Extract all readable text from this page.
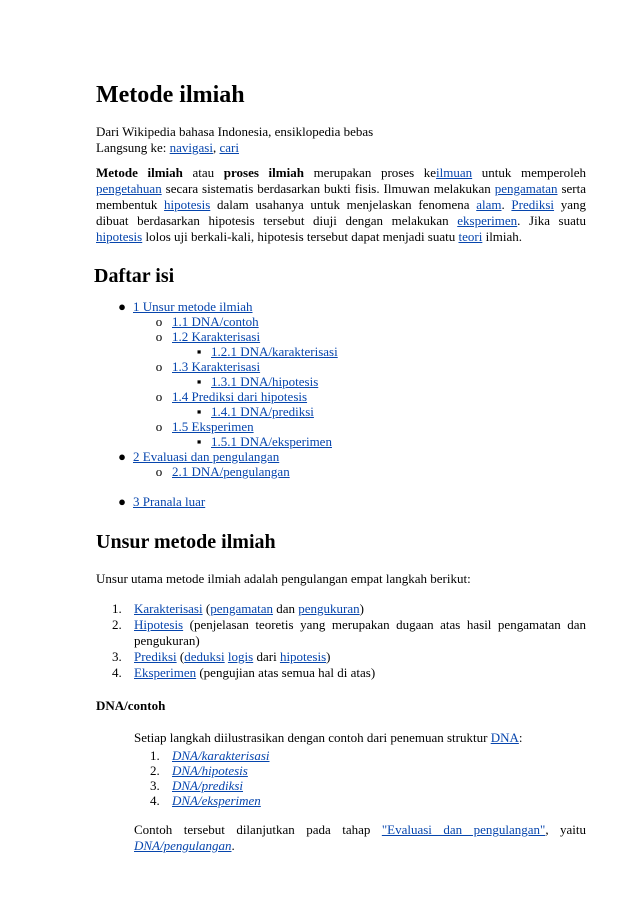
Metode ilmiah
Dari Wikipedia bahasa Indonesia, ensiklopedia bebas
Langsung ke: navigasi, cari
Metode ilmiah atau proses ilmiah merupakan proses keilmuan untuk memperoleh pengetahuan secara sistematis berdasarkan bukti fisis. Ilmuwan melakukan pengamatan serta membentuk hipotesis dalam usahanya untuk menjelaskan fenomena alam. Prediksi yang dibuat berdasarkan hipotesis tersebut diuji dengan melakukan eksperimen. Jika suatu hipotesis lolos uji berkali-kali, hipotesis tersebut dapat menjadi suatu teori ilmiah.
Daftar isi
● 1 Unsur metode ilmiah
o 1.1 DNA/contoh
o 1.2 Karakterisasi
▪ 1.2.1 DNA/karakterisasi
o 1.3 Karakterisasi
▪ 1.3.1 DNA/hipotesis
o 1.4 Prediksi dari hipotesis
▪ 1.4.1 DNA/prediksi
o 1.5 Eksperimen
▪ 1.5.1 DNA/eksperimen
● 2 Evaluasi dan pengulangan
o 2.1 DNA/pengulangan
● 3 Pranala luar
Unsur metode ilmiah
Unsur utama metode ilmiah adalah pengulangan empat langkah berikut:
1. Karakterisasi (pengamatan dan pengukuran)
2. Hipotesis (penjelasan teoretis yang merupakan dugaan atas hasil pengamatan dan pengukuran)
3. Prediksi (deduksi logis dari hipotesis)
4. Eksperimen (pengujian atas semua hal di atas)
DNA/contoh
Setiap langkah diilustrasikan dengan contoh dari penemuan struktur DNA:
1. DNA/karakterisasi
2. DNA/hipotesis
3. DNA/prediksi
4. DNA/eksperimen
Contoh tersebut dilanjutkan pada tahap "Evaluasi dan pengulangan", yaitu DNA/pengulangan.
